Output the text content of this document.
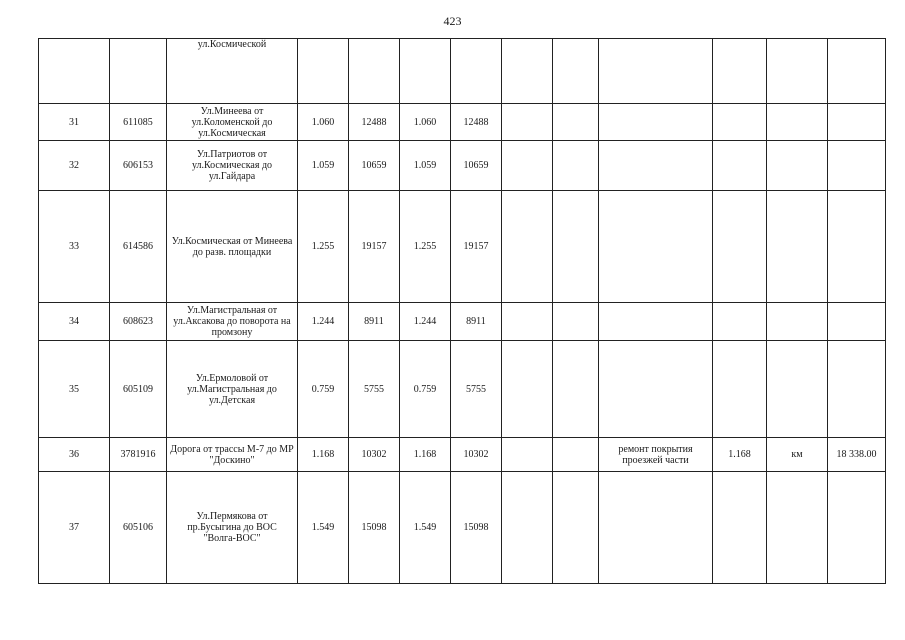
423
		ул.Космической										
31	611085	Ул.Минеева от ул.Коломенской до ул.Космическая	1.060	12488	1.060	12488						
32	606153	Ул.Патриотов от ул.Космическая до ул.Гайдара	1.059	10659	1.059	10659						
33	614586	Ул.Космическая от Минеева до разв. площадки	1.255	19157	1.255	19157						
34	608623	Ул.Магистральная от ул.Аксакова до поворота на промзону	1.244	8911	1.244	8911						
35	605109	Ул.Ермоловой от ул.Магистральная до ул.Детская	0.759	5755	0.759	5755						
36	3781916	Дорога от трассы М-7 до МР "Доскино"	1.168	10302	1.168	10302			ремонт покрытия проезжей части	1.168	км	18 338.00
37	605106	Ул.Пермякова от пр.Бусыгина до ВОС "Волга-ВОС"	1.549	15098	1.549	15098						
